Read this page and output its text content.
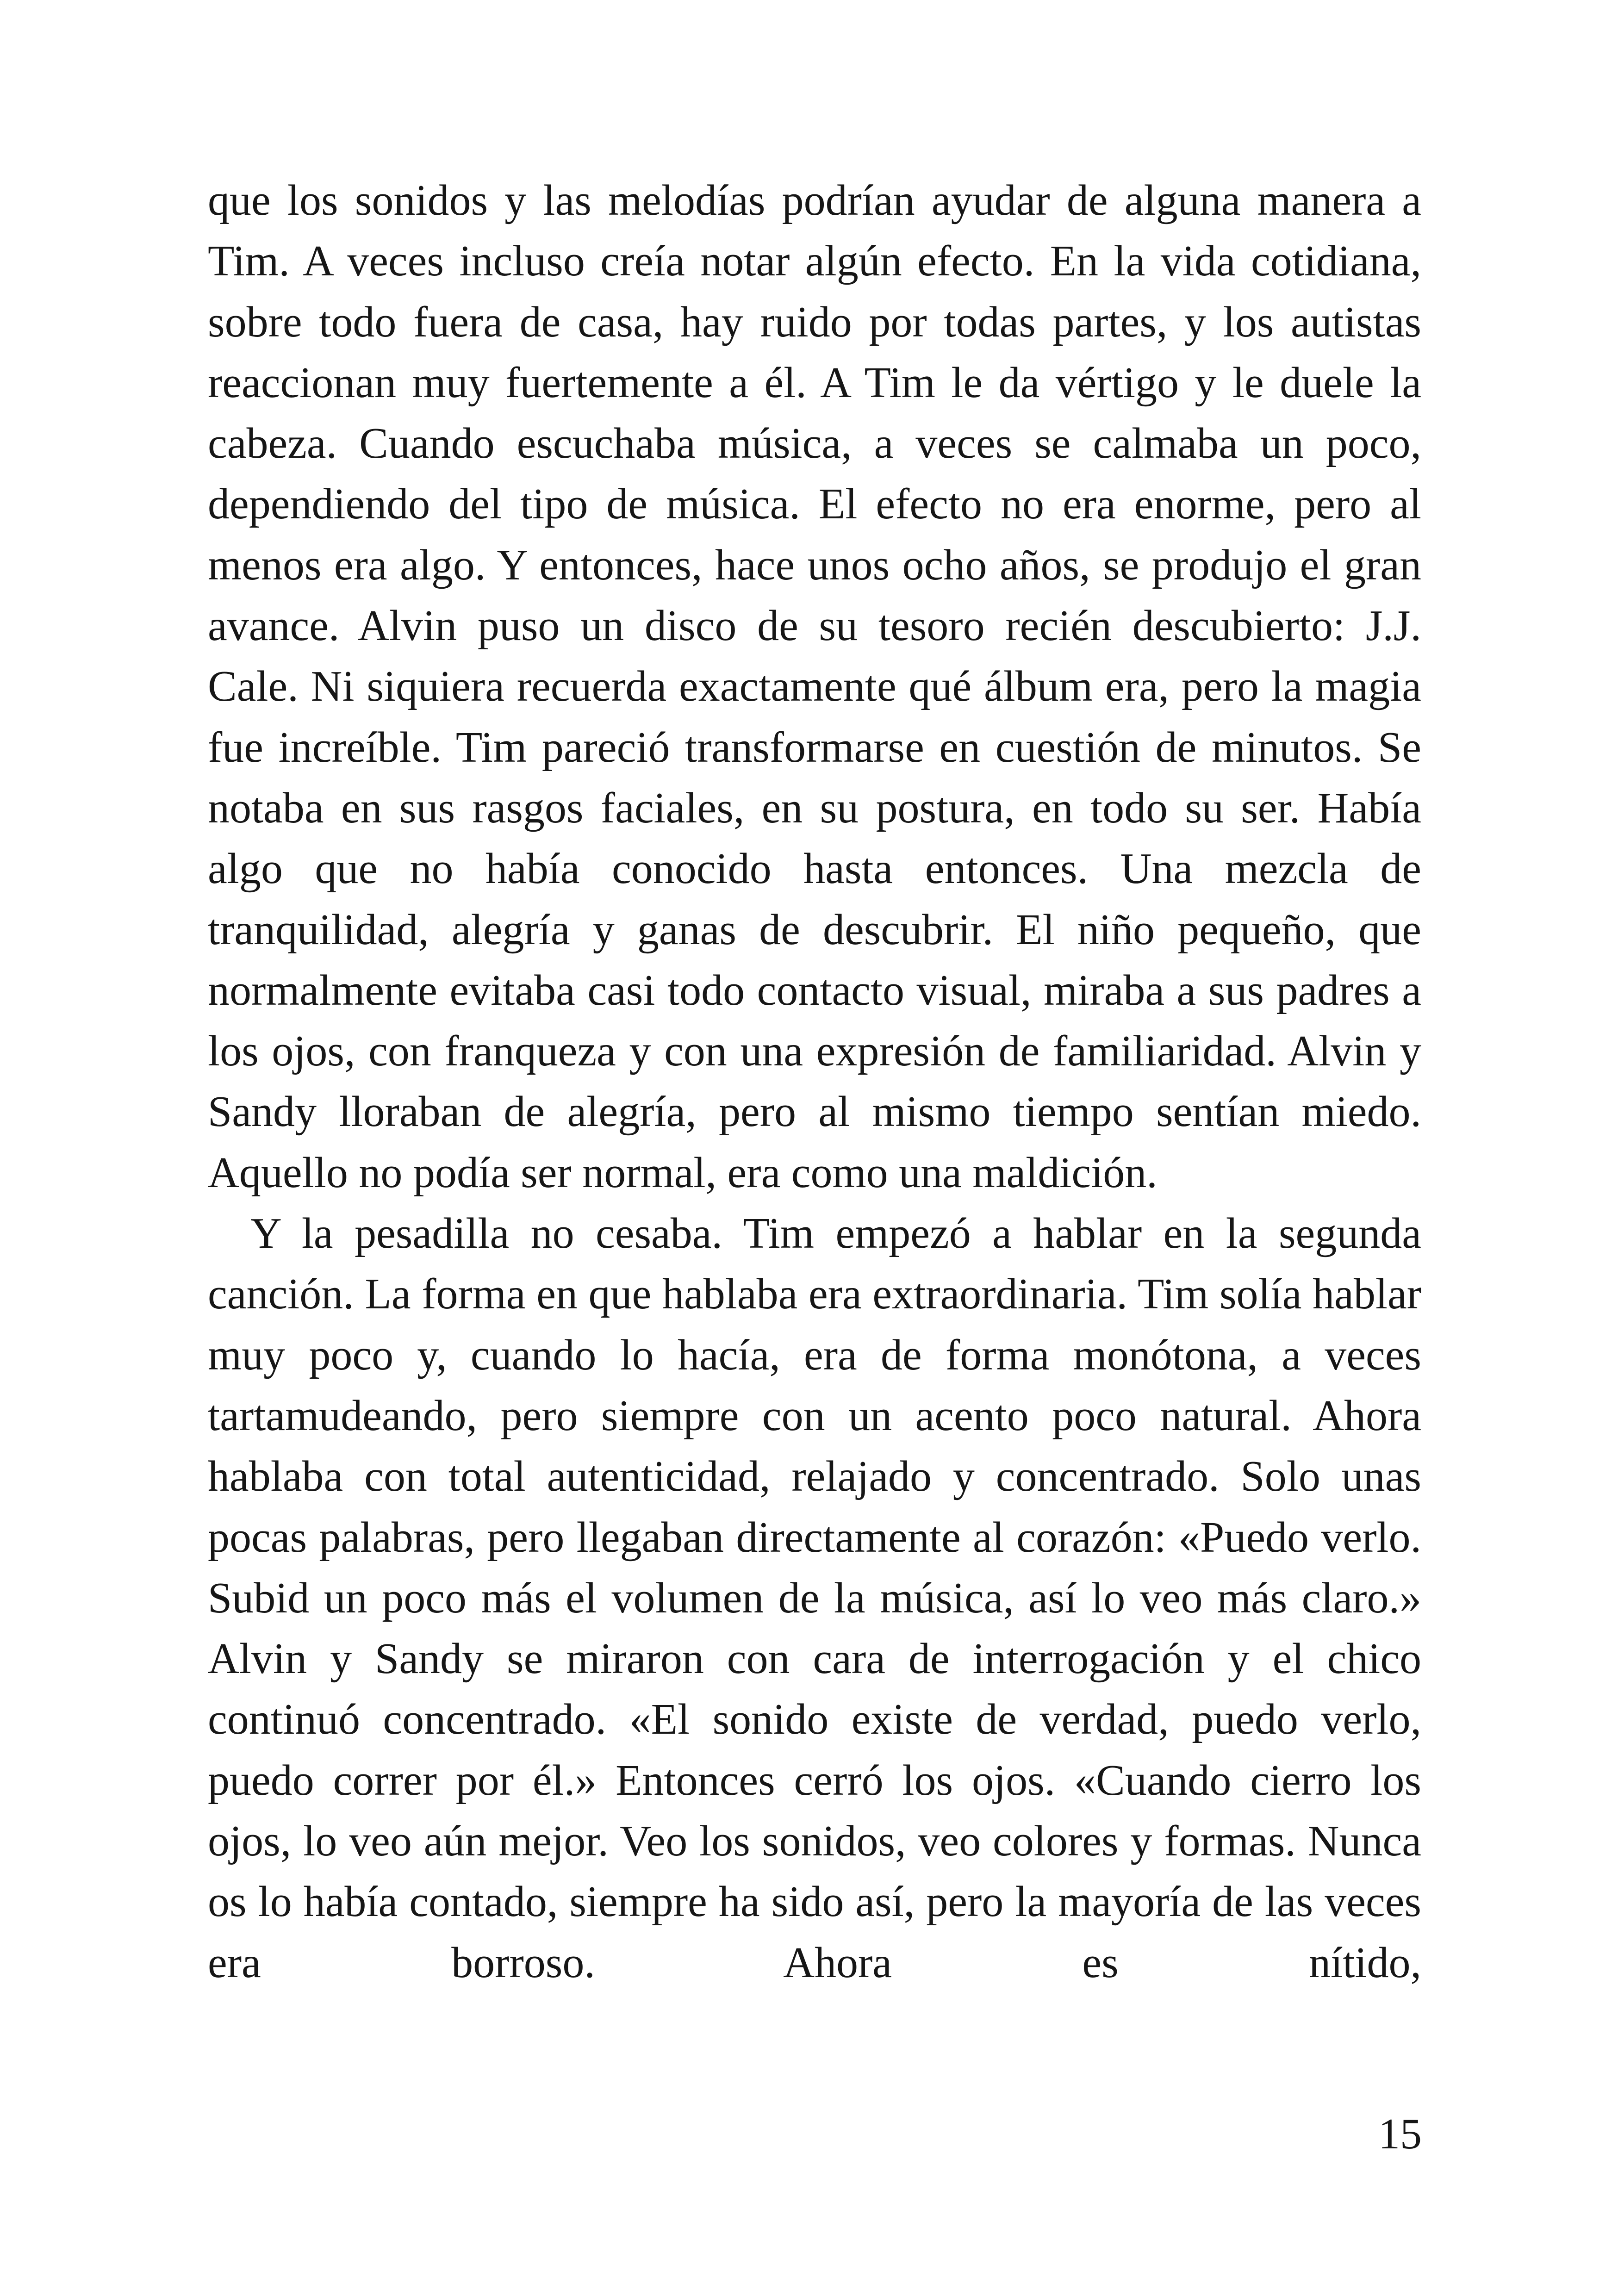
que los sonidos y las melodías podrían ayudar de alguna manera a Tim. A veces incluso creía notar algún efecto. En la vida cotidiana, sobre todo fuera de casa, hay ruido por todas partes, y los autistas reaccionan muy fuertemente a él. A Tim le da vértigo y le duele la cabeza. Cuando escuchaba música, a veces se calmaba un poco, dependiendo del tipo de música. El efecto no era enorme, pero al menos era algo. Y entonces, hace unos ocho años, se produjo el gran avance. Alvin puso un disco de su tesoro recién descubierto: J.J. Cale. Ni siquiera recuerda exactamente qué álbum era, pero la magia fue increíble. Tim pareció transformarse en cuestión de minutos. Se notaba en sus rasgos faciales, en su postura, en todo su ser. Había algo que no había conocido hasta entonces. Una mezcla de tranquilidad, alegría y ganas de descubrir. El niño pequeño, que normalmente evitaba casi todo contacto visual, miraba a sus padres a los ojos, con franqueza y con una expresión de familiaridad. Alvin y Sandy lloraban de alegría, pero al mismo tiempo sentían miedo. Aquello no podía ser normal, era como una maldición.

Y la pesadilla no cesaba. Tim empezó a hablar en la segunda canción. La forma en que hablaba era extraordinaria. Tim solía hablar muy poco y, cuando lo hacía, era de forma monótona, a veces tartamudeando, pero siempre con un acento poco natural. Ahora hablaba con total autenticidad, relajado y concentrado. Solo unas pocas palabras, pero llegaban directamente al corazón: «Puedo verlo. Subid un poco más el volumen de la música, así lo veo más claro.» Alvin y Sandy se miraron con cara de interrogación y el chico continuó concentrado. «El sonido existe de verdad, puedo verlo, puedo correr por él.» Entonces cerró los ojos. «Cuando cierro los ojos, lo veo aún mejor. Veo los sonidos, veo colores y formas. Nunca os lo había contado, siempre ha sido así, pero la mayoría de las veces era borroso. Ahora es nítido,

15
